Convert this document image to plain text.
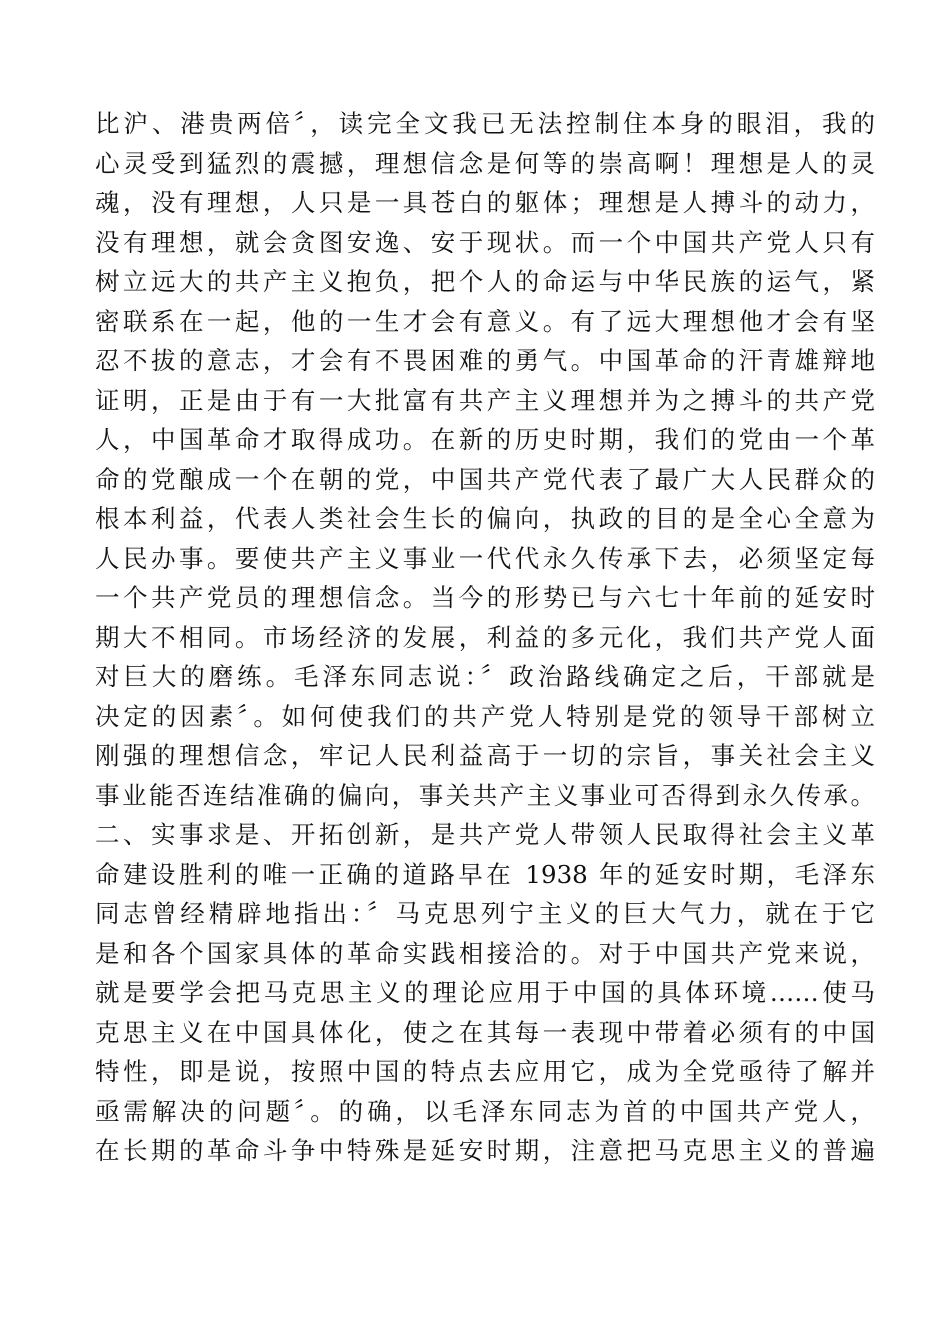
比沪、港贵两倍〞，读完全文我已无法控制住本身的眼泪，我的
心灵受到猛烈的震撼，理想信念是何等的崇高啊！理想是人的灵
魂，没有理想，人只是一具苍白的躯体；理想是人搏斗的动力，
没有理想，就会贪图安逸、安于现状。而一个中国共产党人只有
树立远大的共产主义抱负，把个人的命运与中华民族的运气，紧
密联系在一起，他的一生才会有意义。有了远大理想他才会有坚
忍不拔的意志，才会有不畏困难的勇气。中国革命的汗青雄辩地
证明，正是由于有一大批富有共产主义理想并为之搏斗的共产党
人，中国革命才取得成功。在新的历史时期，我们的党由一个革
命的党酿成一个在朝的党，中国共产党代表了最广大人民群众的
根本利益，代表人类社会生长的偏向，执政的目的是全心全意为
人民办事。要使共产主义事业一代代永久传承下去，必须坚定每
一个共产党员的理想信念。当今的形势已与六七十年前的延安时
期大不相同。市场经济的发展，利益的多元化，我们共产党人面
对巨大的磨练。毛泽东同志说：〞政治路线确定之后，干部就是
决定的因素〞。如何使我们的共产党人特别是党的领导干部树立
刚强的理想信念，牢记人民利益高于一切的宗旨，事关社会主义
事业能否连结准确的偏向，事关共产主义事业可否得到永久传承。
二、实事求是、开拓创新，是共产党人带领人民取得社会主义革
命建设胜利的唯一正确的道路早在 1938 年的延安时期，毛泽东
同志曾经精辟地指出：〞马克思列宁主义的巨大气力，就在于它
是和各个国家具体的革命实践相接洽的。对于中国共产党来说，
就是要学会把马克思主义的理论应用于中国的具体环境……使马
克思主义在中国具体化，使之在其每一表现中带着必须有的中国
特性，即是说，按照中国的特点去应用它，成为全党亟待了解并
亟需解决的问题〞。的确，以毛泽东同志为首的中国共产党人，
在长期的革命斗争中特殊是延安时期，注意把马克思主义的普遍
